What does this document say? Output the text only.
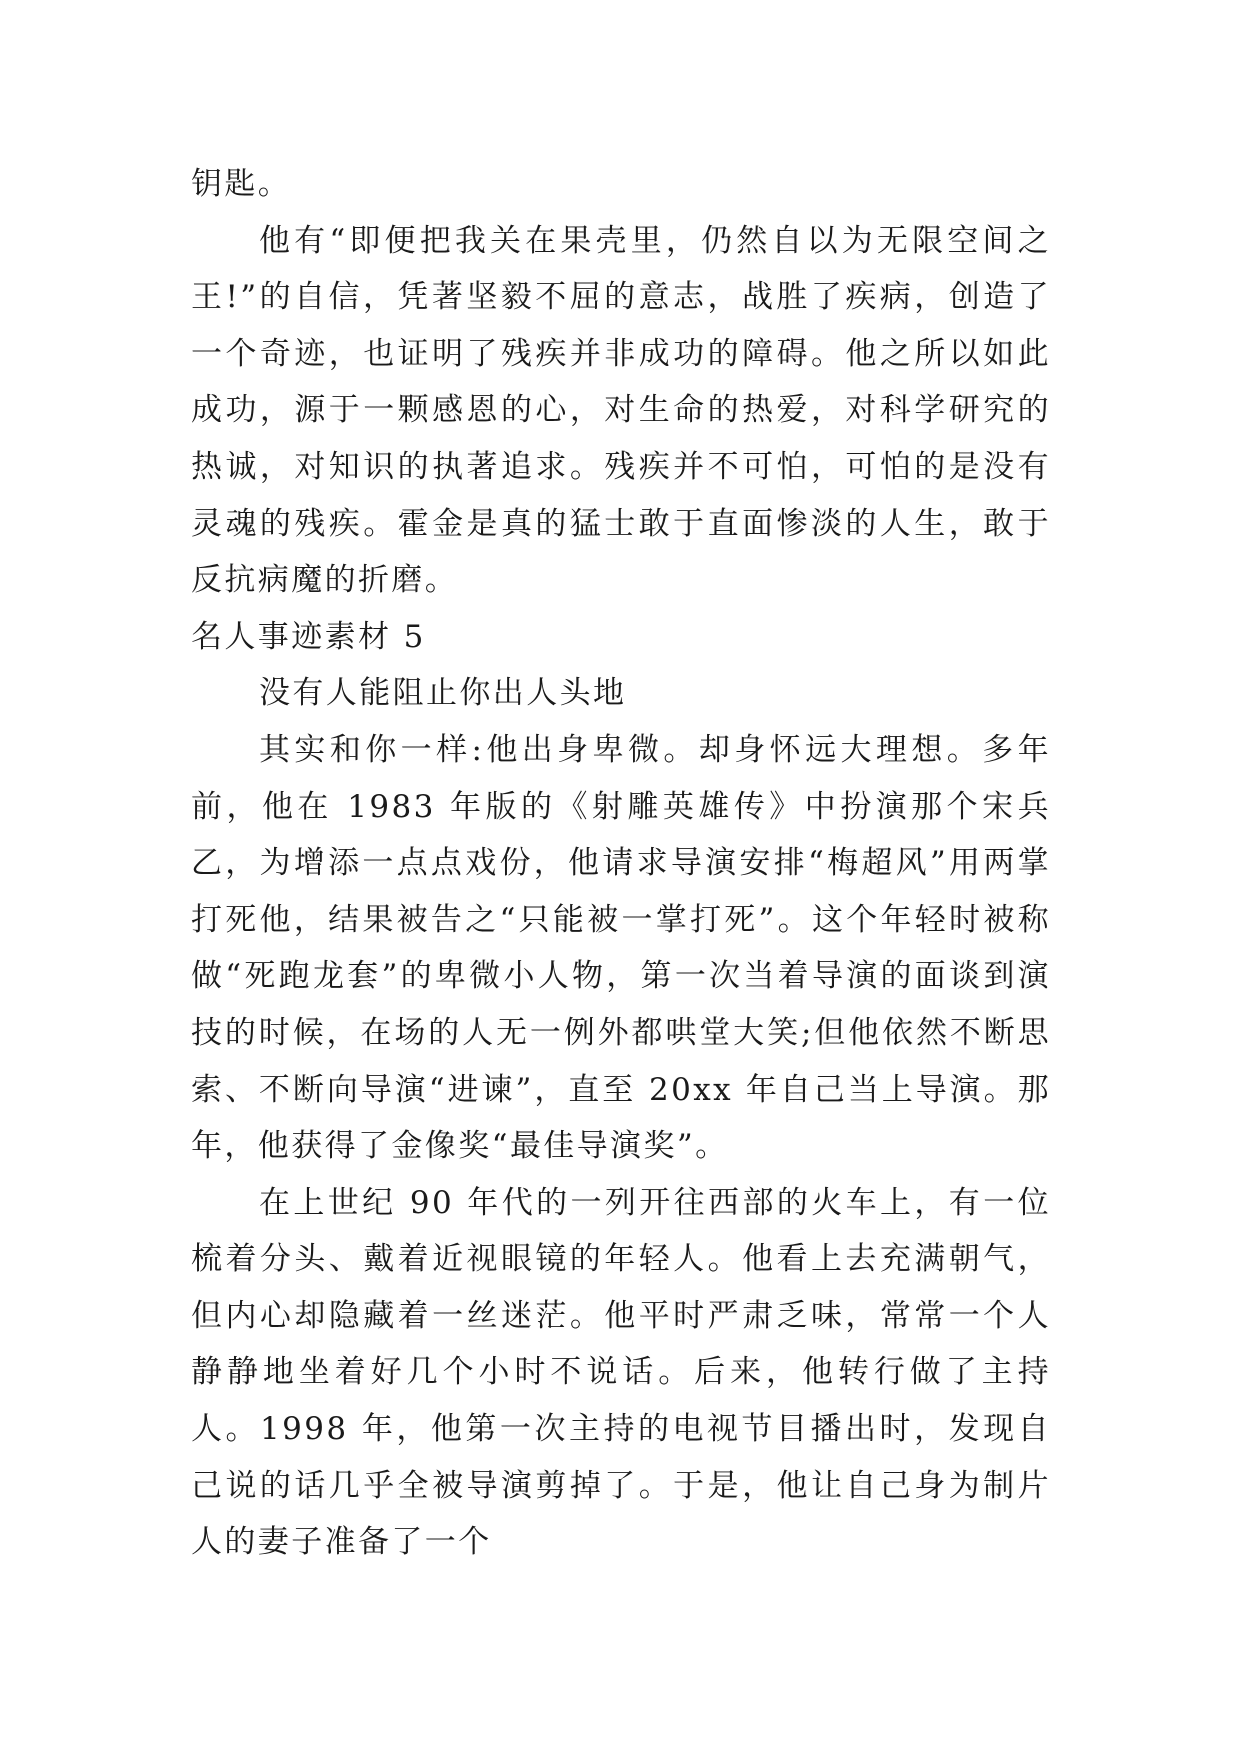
钥匙。

他有“即便把我关在果壳里，仍然自以为无限空间之王!”的自信，凭著坚毅不屈的意志，战胜了疾病，创造了一个奇迹，也证明了残疾并非成功的障碍。他之所以如此成功，源于一颗感恩的心，对生命的热爱，对科学研究的热诚，对知识的执著追求。残疾并不可怕，可怕的是没有灵魂的残疾。霍金是真的猛士敢于直面惨淡的人生，敢于反抗病魔的折磨。

名人事迹素材 5

没有人能阻止你出人头地

其实和你一样:他出身卑微。却身怀远大理想。多年前，他在 1983 年版的《射雕英雄传》中扮演那个宋兵乙，为增添一点点戏份，他请求导演安排“梅超风”用两掌打死他，结果被告之“只能被一掌打死”。这个年轻时被称做“死跑龙套”的卑微小人物，第一次当着导演的面谈到演技的时候，在场的人无一例外都哄堂大笑;但他依然不断思索、不断向导演“进谏”，直至 20xx 年自己当上导演。那年，他获得了金像奖“最佳导演奖”。

在上世纪 90 年代的一列开往西部的火车上，有一位梳着分头、戴着近视眼镜的年轻人。他看上去充满朝气，但内心却隐藏着一丝迷茫。他平时严肃乏味，常常一个人静静地坐着好几个小时不说话。后来，他转行做了主持人。1998 年，他第一次主持的电视节目播出时，发现自己说的话几乎全被导演剪掉了。于是，他让自己身为制片人的妻子准备了一个
